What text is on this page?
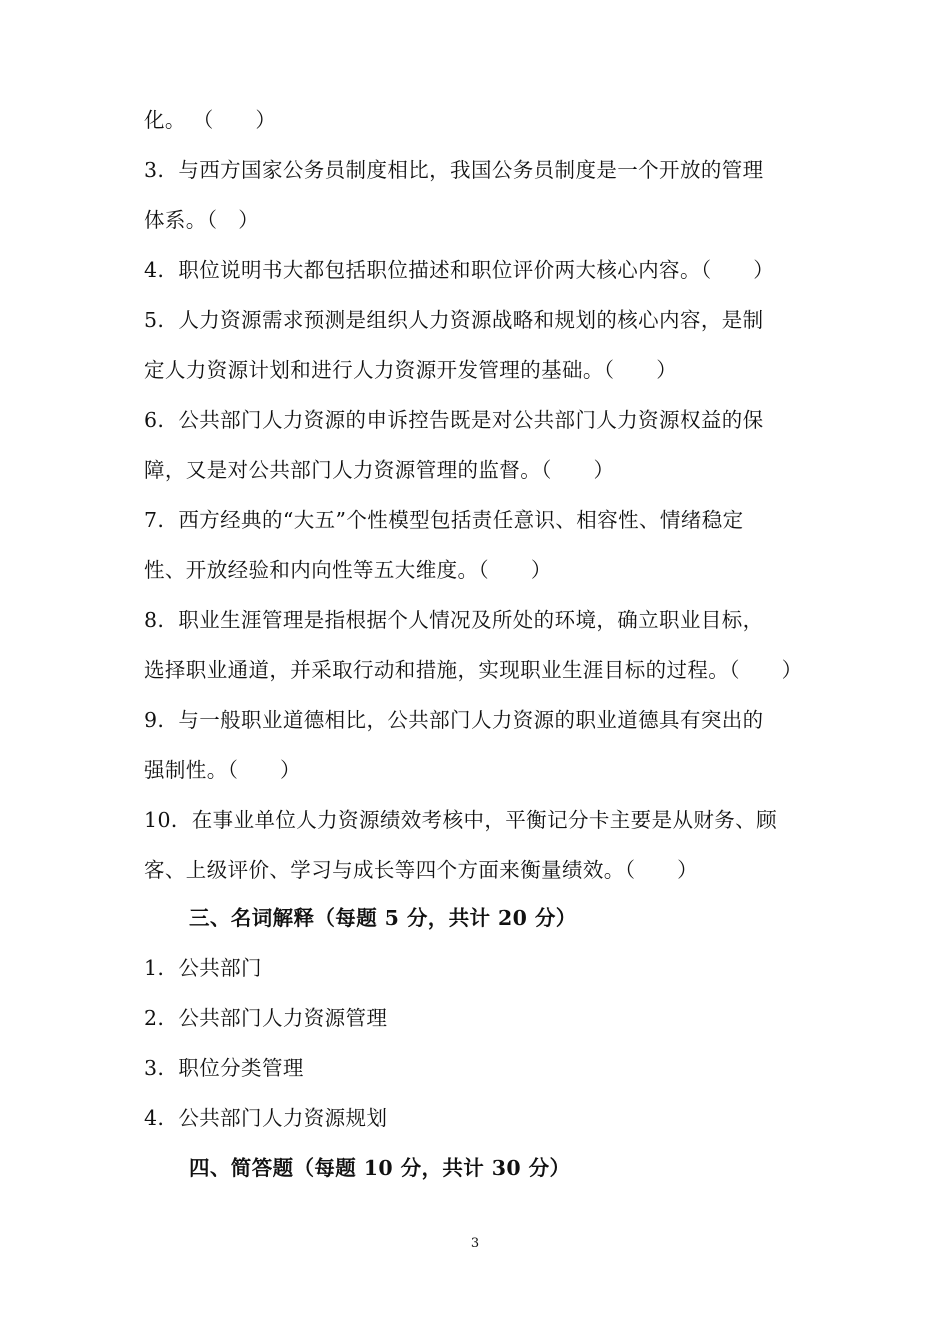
化。 （　　）
3．与西方国家公务员制度相比，我国公务员制度是一个开放的管理
体系。（　）
4．职位说明书大都包括职位描述和职位评价两大核心内容。（　　）
5．人力资源需求预测是组织人力资源战略和规划的核心内容，是制
定人力资源计划和进行人力资源开发管理的基础。（　　）
6．公共部门人力资源的申诉控告既是对公共部门人力资源权益的保
障，又是对公共部门人力资源管理的监督。（　　）
7．西方经典的“大五”个性模型包括责任意识、相容性、情绪稳定
性、开放经验和内向性等五大维度。（　　）
8．职业生涯管理是指根据个人情况及所处的环境，确立职业目标，
选择职业通道，并采取行动和措施，实现职业生涯目标的过程。（　　）
9．与一般职业道德相比，公共部门人力资源的职业道德具有突出的
强制性。（　　）
10．在事业单位人力资源绩效考核中，平衡记分卡主要是从财务、顾
客、上级评价、学习与成长等四个方面来衡量绩效。（　　）
三、名词解释（每题 5 分，共计 20 分）
1．公共部门
2．公共部门人力资源管理
3．职位分类管理
4．公共部门人力资源规划
四、简答题（每题 10 分，共计 30 分）
3
